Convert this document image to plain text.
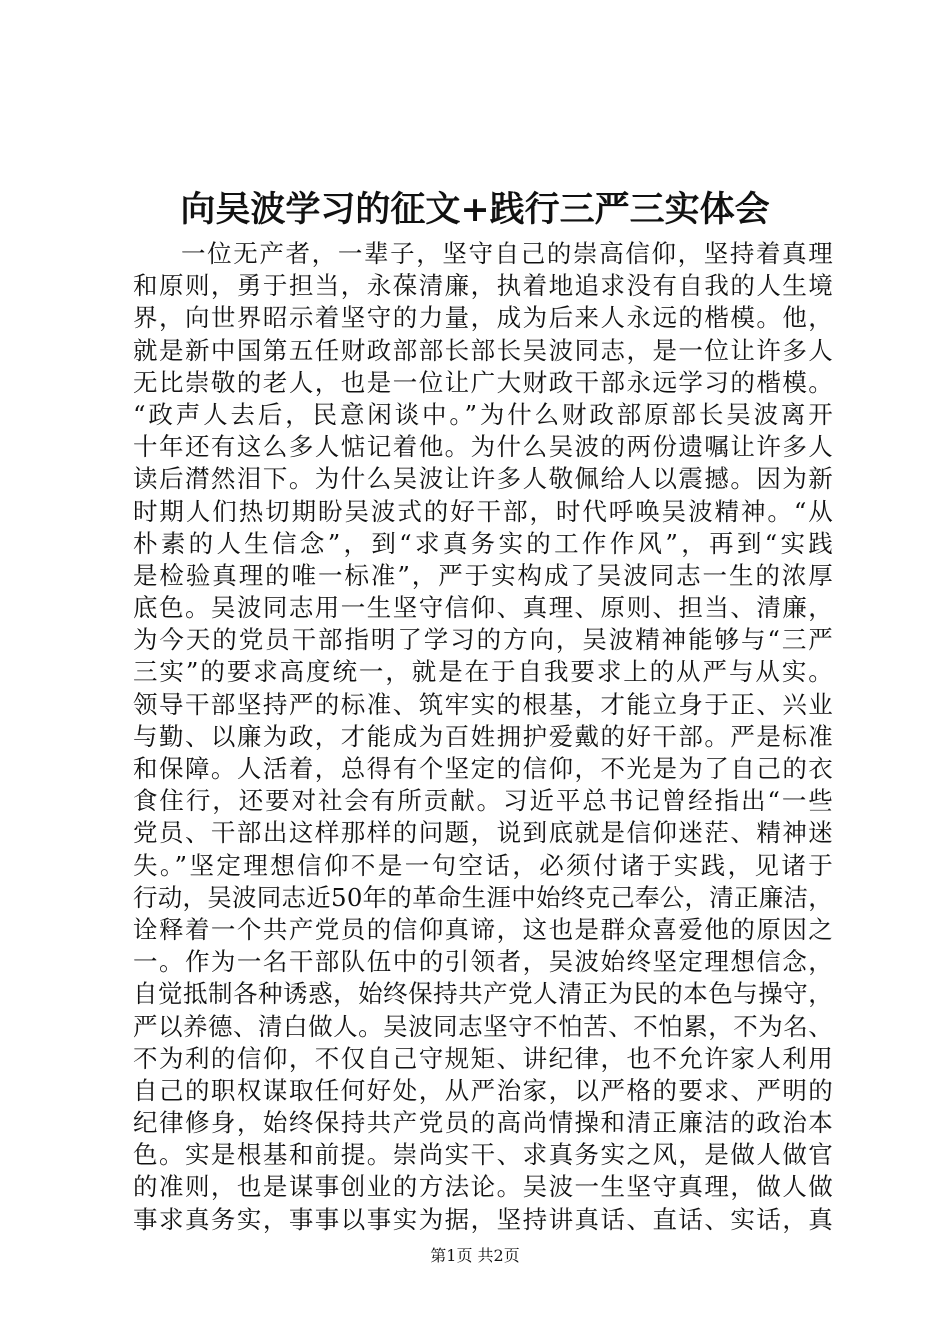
向吴波学习的征文+践行三严三实体会
一位无产者，一辈子，坚守自己的崇高信仰，坚持着真理
和原则，勇于担当，永葆清廉，执着地追求没有自我的人生境
界，向世界昭示着坚守的力量，成为后来人永远的楷模。他，
就是新中国第五任财政部部长部长吴波同志，是一位让许多人
无比崇敬的老人，也是一位让广大财政干部永远学习的楷模。
“政声人去后，民意闲谈中。”为什么财政部原部长吴波离开
十年还有这么多人惦记着他。为什么吴波的两份遗嘱让许多人
读后潸然泪下。为什么吴波让许多人敬佩给人以震撼。因为新
时期人们热切期盼吴波式的好干部，时代呼唤吴波精神。“从
朴素的人生信念”，到“求真务实的工作作风”，再到“实践
是检验真理的唯一标准”，严于实构成了吴波同志一生的浓厚
底色。吴波同志用一生坚守信仰、真理、原则、担当、清廉，
为今天的党员干部指明了学习的方向，吴波精神能够与“三严
三实”的要求高度统一，就是在于自我要求上的从严与从实。
领导干部坚持严的标准、筑牢实的根基，才能立身于正、兴业
与勤、以廉为政，才能成为百姓拥护爱戴的好干部。严是标准
和保障。人活着，总得有个坚定的信仰，不光是为了自己的衣
食住行，还要对社会有所贡献。习近平总书记曾经指出“一些
党员、干部出这样那样的问题，说到底就是信仰迷茫、精神迷
失。”坚定理想信仰不是一句空话，必须付诸于实践，见诸于
行动，吴波同志近50年的革命生涯中始终克己奉公，清正廉洁，
诠释着一个共产党员的信仰真谛，这也是群众喜爱他的原因之
一。作为一名干部队伍中的引领者，吴波始终坚定理想信念，
自觉抵制各种诱惑，始终保持共产党人清正为民的本色与操守，
严以养德、清白做人。吴波同志坚守不怕苦、不怕累，不为名、
不为利的信仰，不仅自己守规矩、讲纪律，也不允许家人利用
自己的职权谋取任何好处，从严治家，以严格的要求、严明的
纪律修身，始终保持共产党员的高尚情操和清正廉洁的政治本
色。实是根基和前提。崇尚实干、求真务实之风，是做人做官
的准则，也是谋事创业的方法论。吴波一生坚守真理，做人做
事求真务实，事事以事实为据，坚持讲真话、直话、实话，真
第1页 共2页
